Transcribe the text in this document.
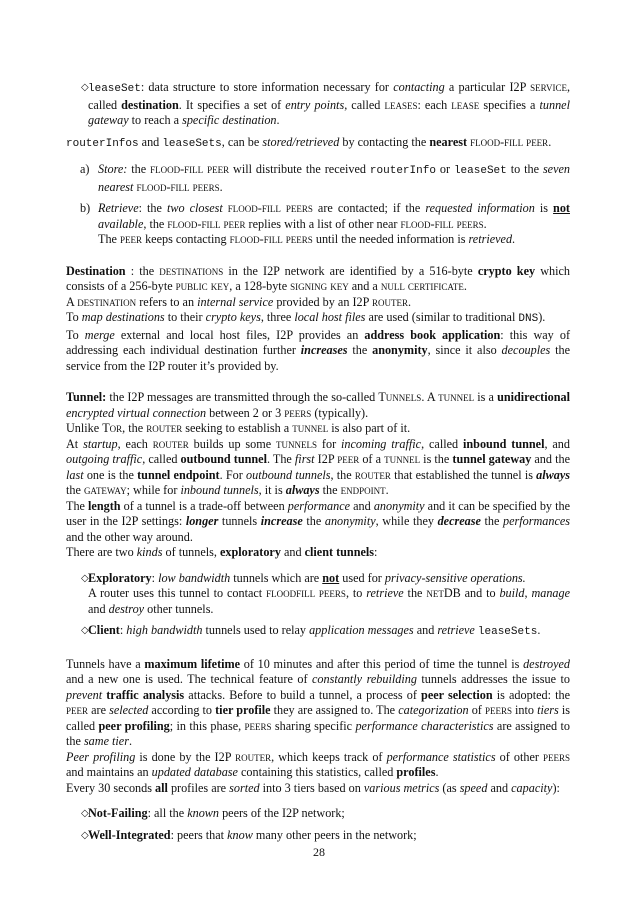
◇ leaseSet: data structure to store information necessary for contacting a particular I2P service, called destination. It specifies a set of entry points, called leases: each lease specifies a tunnel gateway to reach a specific destination.

routerInfos and leaseSets, can be stored/retrieved by contacting the nearest flood-fill peer.

a) Store: the flood-fill peer will distribute the received routerInfo or leaseSet to the seven nearest flood-fill peers.
b) Retrieve: the two closest flood-fill peers are contacted; if the requested information is not available, the flood-fill peer replies with a list of other near flood-fill peers.
The peer keeps contacting flood-fill peers until the needed information is retrieved.

Destination : the destinations in the I2P network are identified by a 516-byte crypto key which consists of a 256-byte public key, a 128-byte signing key and a null certificate.
A destination refers to an internal service provided by an I2P router.
To map destinations to their crypto keys, three local host files are used (similar to traditional DNS).
To merge external and local host files, I2P provides an address book application: this way of addressing each individual destination further increases the anonymity, since it also decouples the service from the I2P router it’s provided by.

Tunnel: the I2P messages are transmitted through the so-called Tunnels. A tunnel is a unidirectional encrypted virtual connection between 2 or 3 peers (typically).
Unlike Tor, the router seeking to establish a tunnel is also part of it.
At startup, each router builds up some tunnels for incoming traffic, called inbound tunnel, and outgoing traffic, called outbound tunnel. The first I2P peer of a tunnel is the tunnel gateway and the last one is the tunnel endpoint. For outbound tunnels, the router that established the tunnel is always the gateway; while for inbound tunnels, it is always the endpoint.
The length of a tunnel is a trade-off between performance and anonymity and it can be specified by the user in the I2P settings: longer tunnels increase the anonymity, while they decrease the performances and the other way around.
There are two kinds of tunnels, exploratory and client tunnels:

◇ Exploratory: low bandwidth tunnels which are not used for privacy-sensitive operations.
A router uses this tunnel to contact floodfill peers, to retrieve the netDB and to build, manage and destroy other tunnels.
◇ Client: high bandwidth tunnels used to relay application messages and retrieve leaseSets.

Tunnels have a maximum lifetime of 10 minutes and after this period of time the tunnel is destroyed and a new one is used. The technical feature of constantly rebuilding tunnels addresses the issue to prevent traffic analysis attacks. Before to build a tunnel, a process of peer selection is adopted: the peer are selected according to tier profile they are assigned to. The categorization of peers into tiers is called peer profiling; in this phase, peers sharing specific performance characteristics are assigned to the same tier.
Peer profiling is done by the I2P router, which keeps track of performance statistics of other peers and maintains an updated database containing this statistics, called profiles.
Every 30 seconds all profiles are sorted into 3 tiers based on various metrics (as speed and capacity):

◇ Not-Failing: all the known peers of the I2P network;
◇ Well-Integrated: peers that know many other peers in the network;
28
